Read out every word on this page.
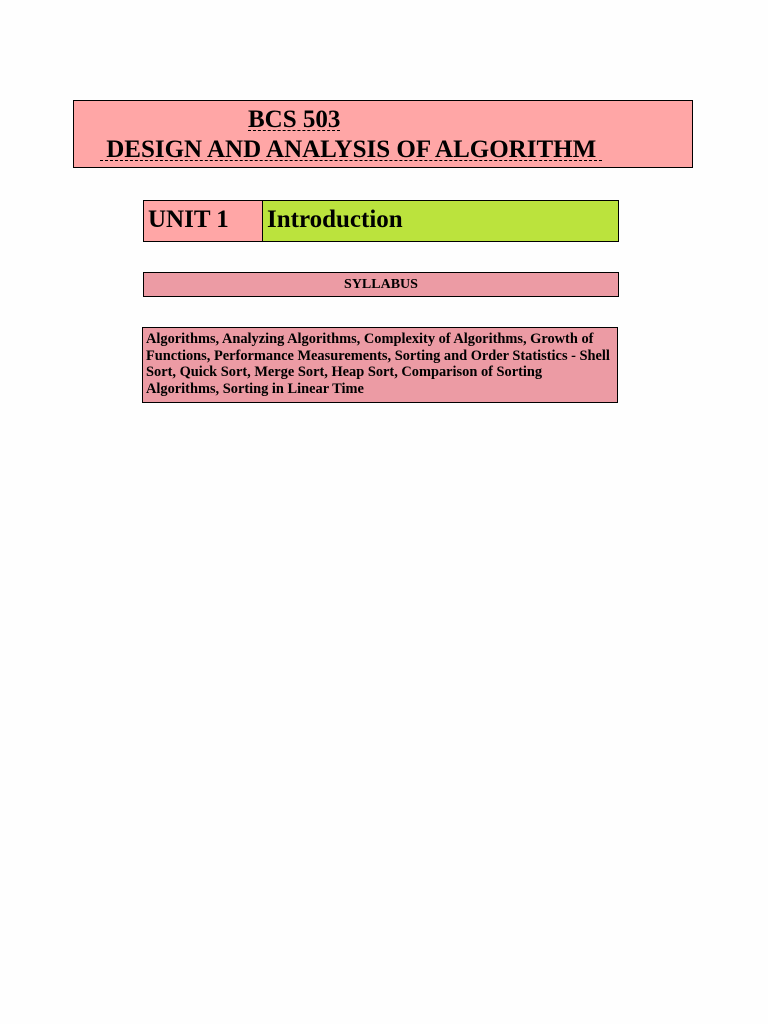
BCS 503
DESIGN AND ANALYSIS OF ALGORITHM
UNIT 1	Introduction
SYLLABUS
Algorithms, Analyzing Algorithms, Complexity of Algorithms, Growth of Functions, Performance Measurements, Sorting and Order Statistics - Shell Sort, Quick Sort, Merge Sort, Heap Sort, Comparison of Sorting Algorithms, Sorting in Linear Time
